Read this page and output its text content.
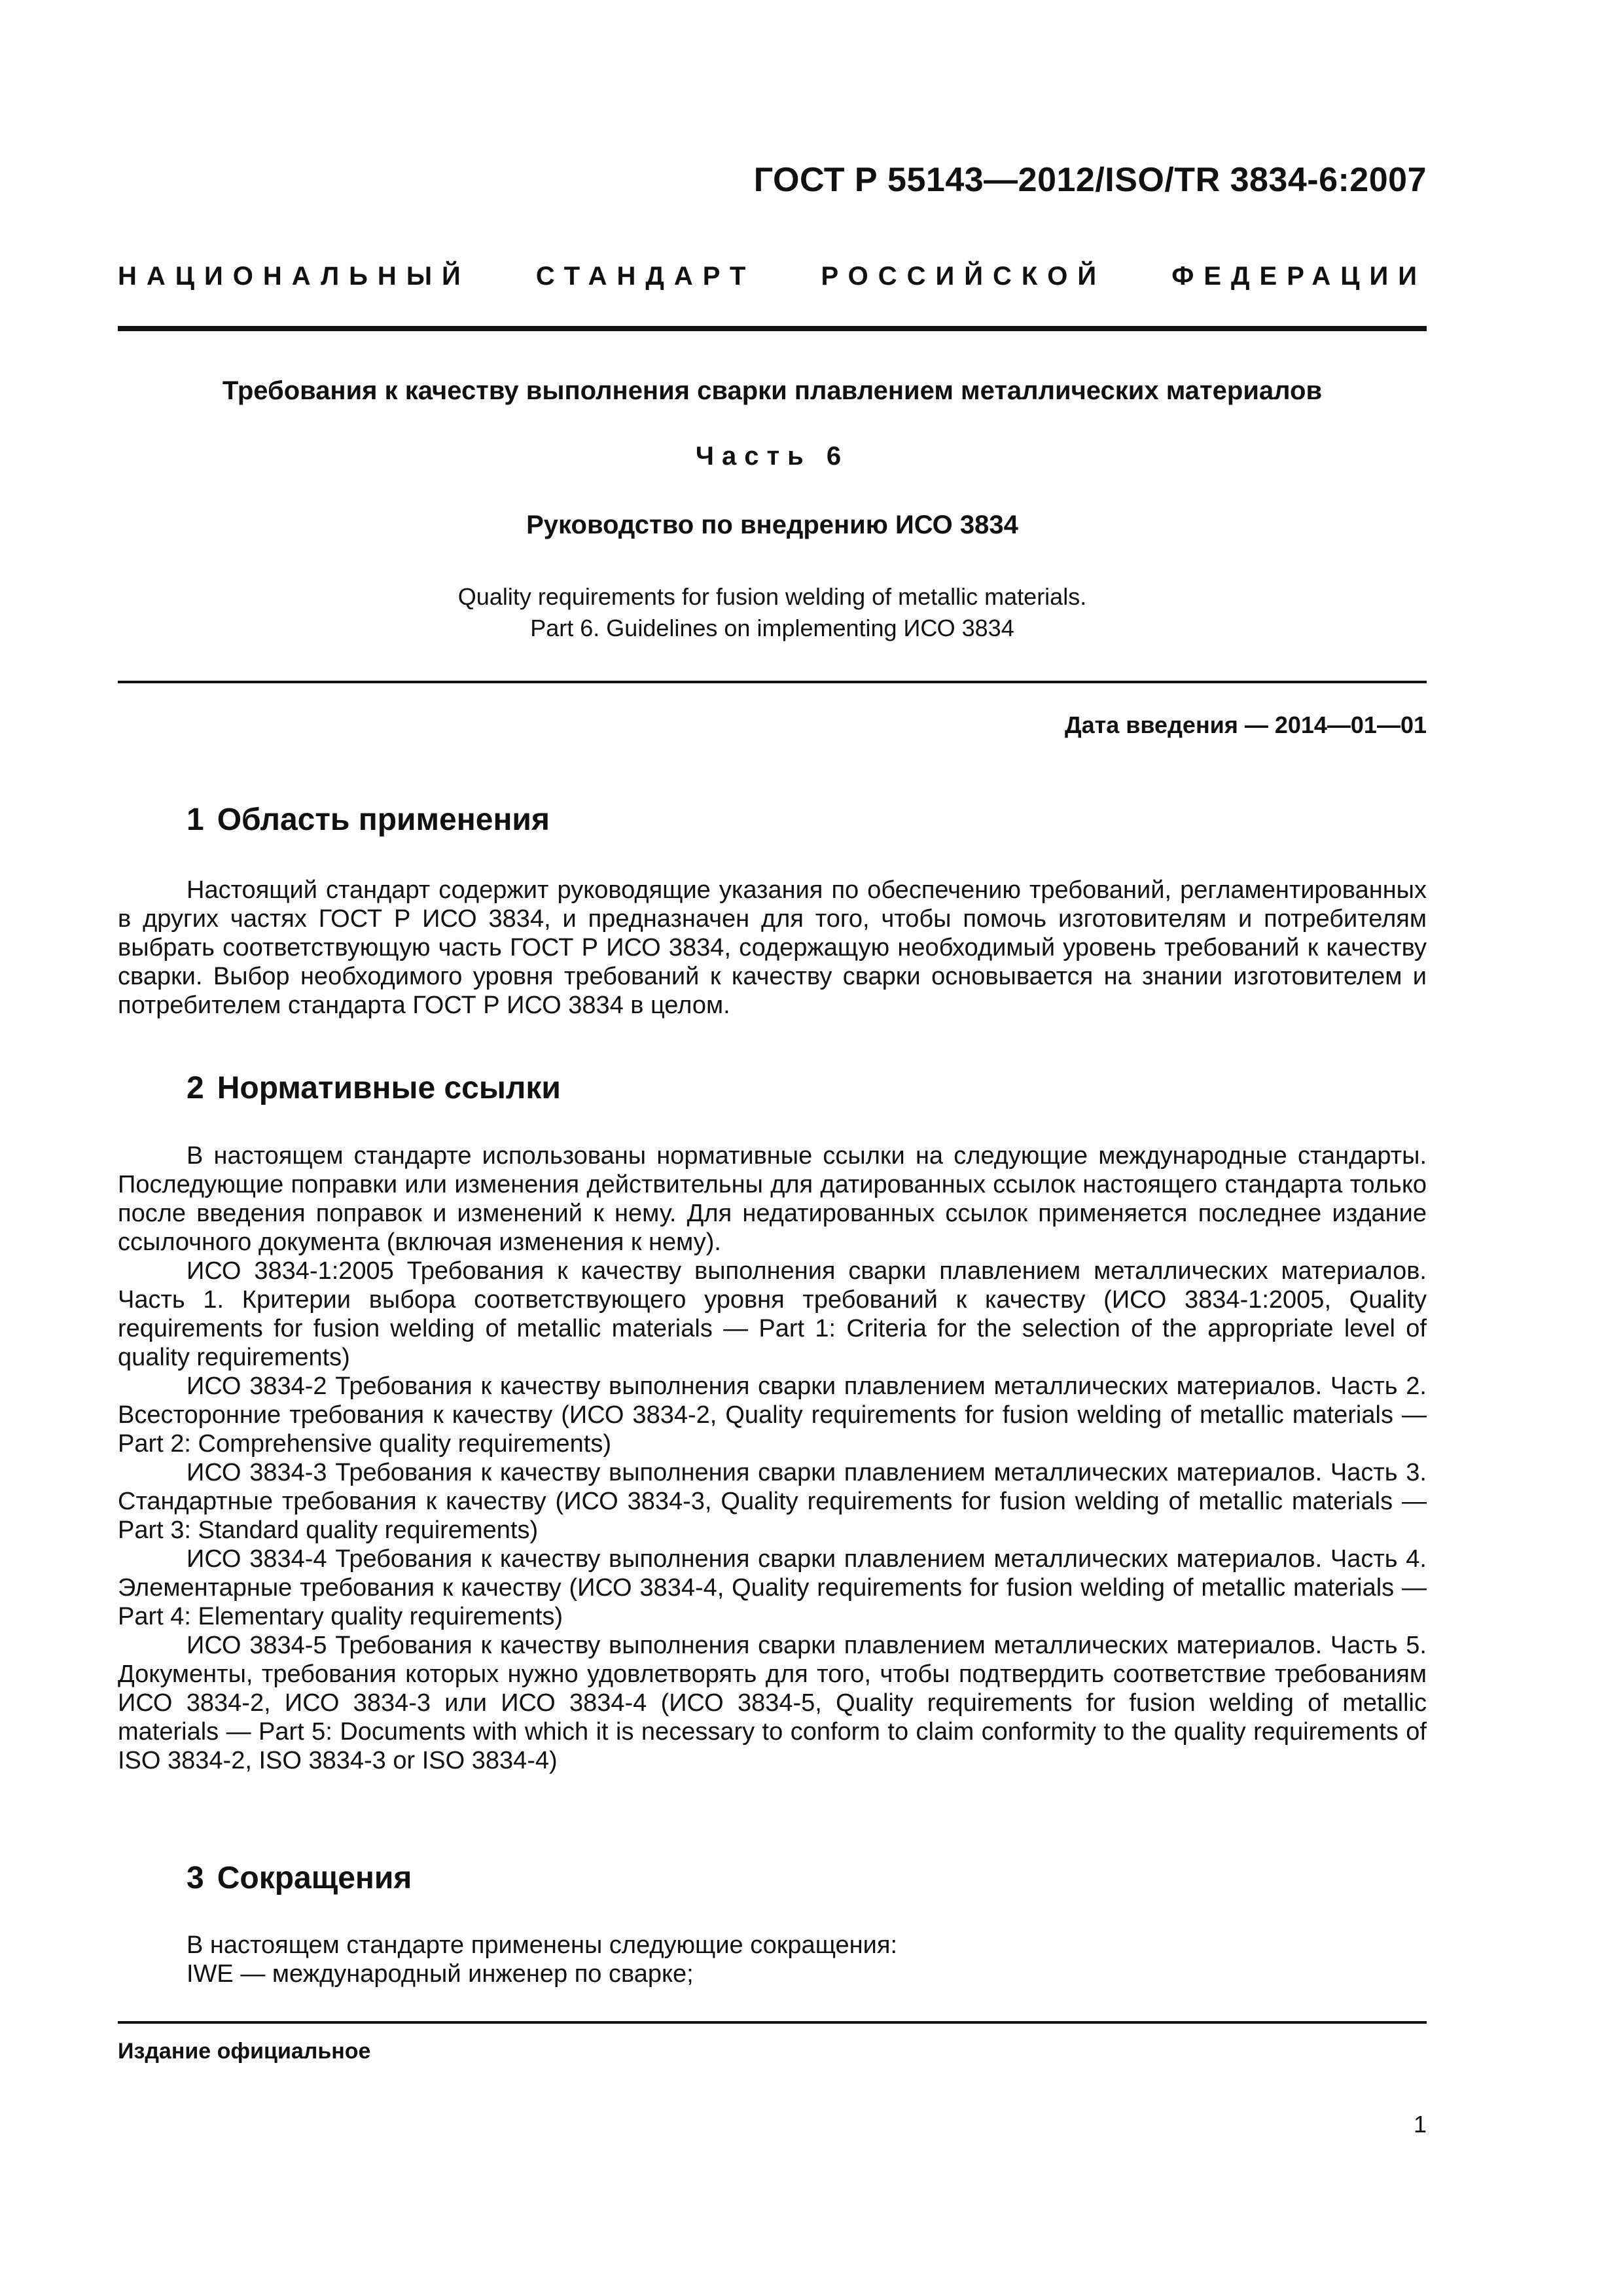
ГОСТ Р 55143—2012/ISO/TR 3834-6:2007
НАЦИОНАЛЬНЫЙ	СТАНДАРТ	РОССИЙСКОЙ	ФЕДЕРАЦИИ
Требования к качеству выполнения сварки плавлением металлических материалов
Часть 6
Руководство по внедрению ИСО 3834
Quality requirements for fusion welding of metallic materials.
Part 6. Guidelines on implementing ИСО 3834
Дата введения — 2014—01—01
1 Область применения

Настоящий стандарт содержит руководящие указания по обеспечению требований, регламентированных в других частях ГОСТ Р ИСО 3834, и предназначен для того, чтобы помочь изготовителям и потребителям выбрать соответствующую часть ГОСТ Р ИСО 3834, содержащую необходимый уровень требований к качеству сварки. Выбор необходимого уровня требований к качеству сварки основывается на знании изготовителем и потребителем стандарта ГОСТ Р ИСО 3834 в целом.

2 Нормативные ссылки

В настоящем стандарте использованы нормативные ссылки на следующие международные стандарты. Последующие поправки или изменения действительны для датированных ссылок настоящего стандарта только после введения поправок и изменений к нему. Для недатированных ссылок применяется последнее издание ссылочного документа (включая изменения к нему).

ИСО 3834-1:2005 Требования к качеству выполнения сварки плавлением металлических материалов. Часть 1. Критерии выбора соответствующего уровня требований к качеству (ИСО 3834-1:2005, Quality requirements for fusion welding of metallic materials — Part 1: Criteria for the selection of the appropriate level of quality requirements)

ИСО 3834-2 Требования к качеству выполнения сварки плавлением металлических материалов. Часть 2. Всесторонние требования к качеству (ИСО 3834-2, Quality requirements for fusion welding of metallic materials — Part 2: Comprehensive quality requirements)

ИСО 3834-3 Требования к качеству выполнения сварки плавлением металлических материалов. Часть 3. Стандартные требования к качеству (ИСО 3834-3, Quality requirements for fusion welding of metallic materials — Part 3: Standard quality requirements)

ИСО 3834-4 Требования к качеству выполнения сварки плавлением металлических материалов. Часть 4. Элементарные требования к качеству (ИСО 3834-4, Quality requirements for fusion welding of metallic materials — Part 4: Elementary quality requirements)

ИСО 3834-5 Требования к качеству выполнения сварки плавлением металлических материалов. Часть 5. Документы, требования которых нужно удовлетворять для того, чтобы подтвердить соответствие требованиям ИСО 3834-2, ИСО 3834-3 или ИСО 3834-4 (ИСО 3834-5, Quality requirements for fusion welding of metallic materials — Part 5: Documents with which it is necessary to conform to claim conformity to the quality requirements of ISO 3834-2, ISO 3834-3 or ISO 3834-4)

3 Сокращения

В настоящем стандарте применены следующие сокращения:

IWE — международный инженер по сварке;

Издание официальное
1
